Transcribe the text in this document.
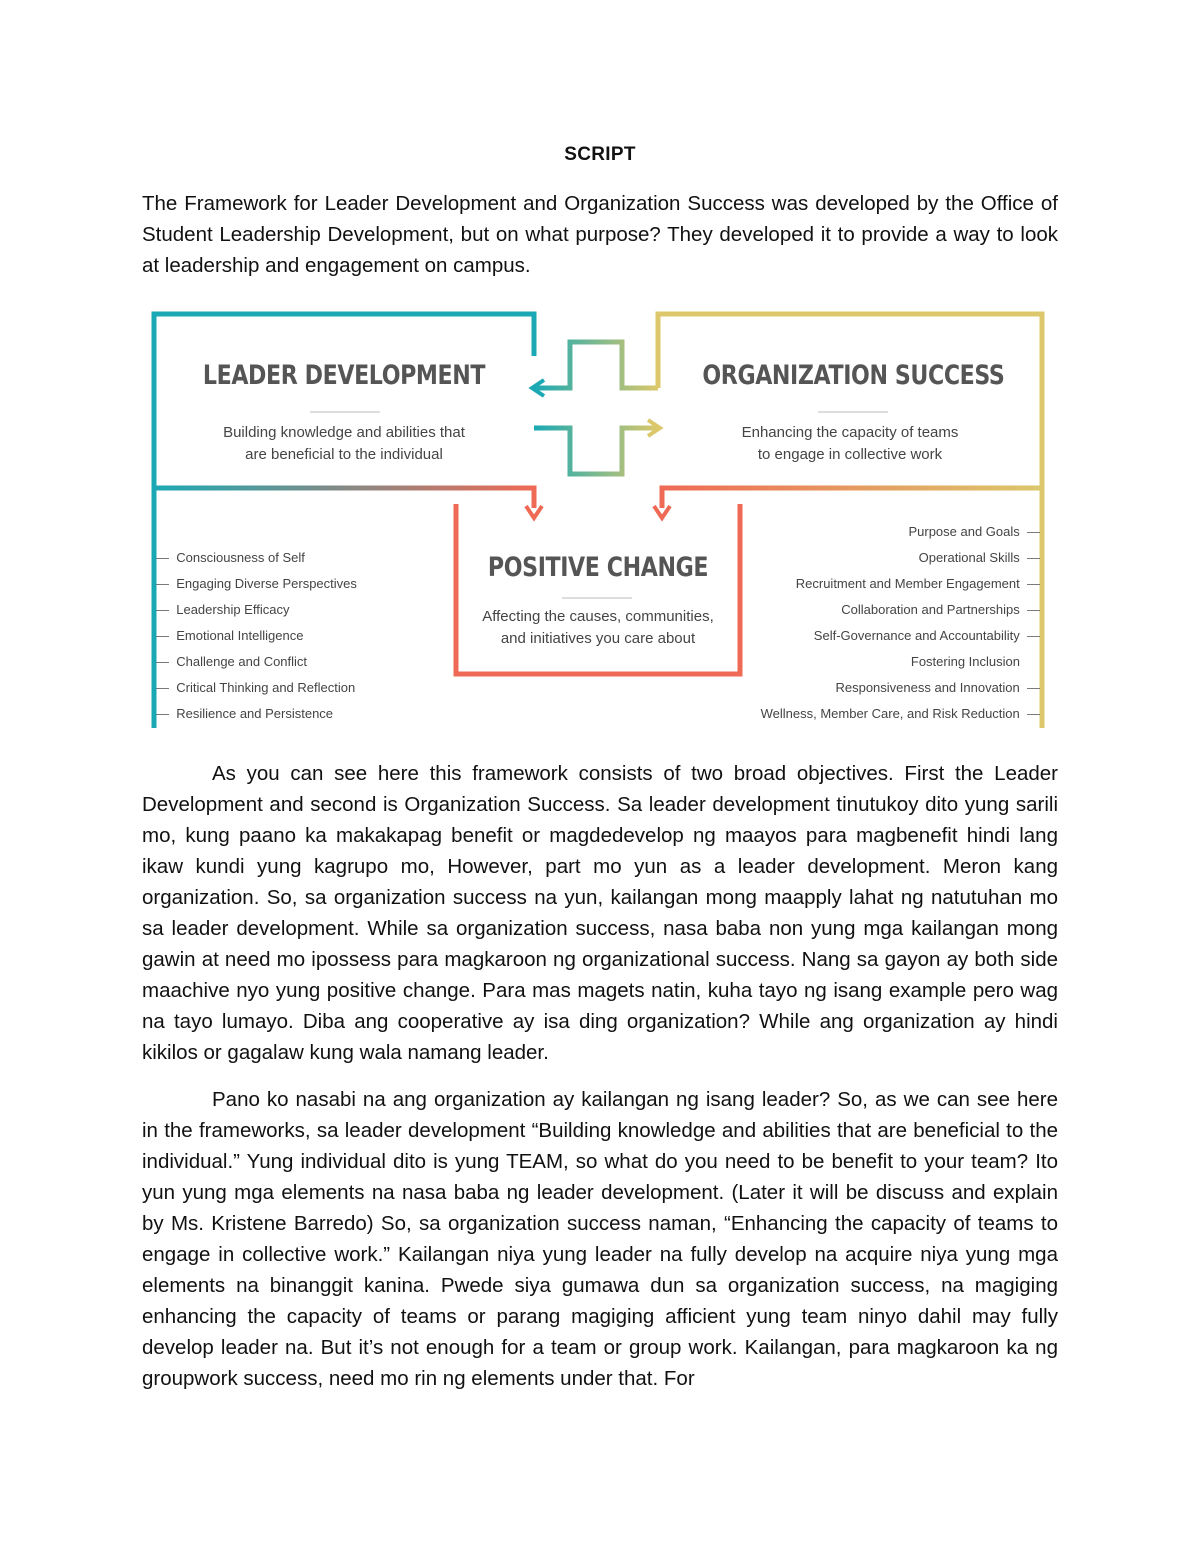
SCRIPT

The Framework for Leader Development and Organization Success was developed by the Office of Student Leadership Development, but on what purpose? They developed it to provide a way to look at leadership and engagement on campus.

LEADER DEVELOPMENT
Building knowledge and abilities that
are beneficial to the individual
ORGANIZATION SUCCESS
Enhancing the capacity of teams
to engage in collective work
POSITIVE CHANGE
Affecting the causes, communities,
and initiatives you care about
—  Consciousness of Self
—  Engaging Diverse Perspectives
—  Leadership Efficacy
—  Emotional Intelligence
—  Challenge and Conflict
—  Critical Thinking and Reflection
—  Resilience and Persistence
Purpose and Goals  —
Operational Skills  —
Recruitment and Member Engagement  —
Collaboration and Partnerships  —
Self-Governance and Accountability  —
Fostering Inclusion
Responsiveness and Innovation  —
Wellness, Member Care, and Risk Reduction  —

As you can see here this framework consists of two broad objectives. First the Leader Development and second is Organization Success. Sa leader development tinutukoy dito yung sarili mo, kung paano ka makakapag benefit or magdedevelop ng maayos para magbenefit hindi lang ikaw kundi yung kagrupo mo, However, part mo yun as a leader development. Meron kang organization. So, sa organization success na yun, kailangan mong maapply lahat ng natutuhan mo sa leader development. While sa organization success, nasa baba non yung mga kailangan mong gawin at need mo ipossess para magkaroon ng organizational success. Nang sa gayon ay both side maachive nyo yung positive change. Para mas magets natin, kuha tayo ng isang example pero wag na tayo lumayo. Diba ang cooperative ay isa ding organization? While ang organization ay hindi kikilos or gagalaw kung wala namang leader.

Pano ko nasabi na ang organization ay kailangan ng isang leader? So, as we can see here in the frameworks, sa leader development “Building knowledge and abilities that are beneficial to the individual.” Yung individual dito is yung TEAM, so what do you need to be benefit to your team? Ito yun yung mga elements na nasa baba ng leader development. (Later it will be discuss and explain by Ms. Kristene Barredo) So, sa organization success naman, “Enhancing the capacity of teams to engage in collective work.” Kailangan niya yung leader na fully develop na acquire niya yung mga elements na binanggit kanina. Pwede siya gumawa dun sa organization success, na magiging enhancing the capacity of teams or parang magiging afficient yung team ninyo dahil may fully develop leader na. But it’s not enough for a team or group work. Kailangan, para magkaroon ka ng groupwork success, need mo rin ng elements under that. For
